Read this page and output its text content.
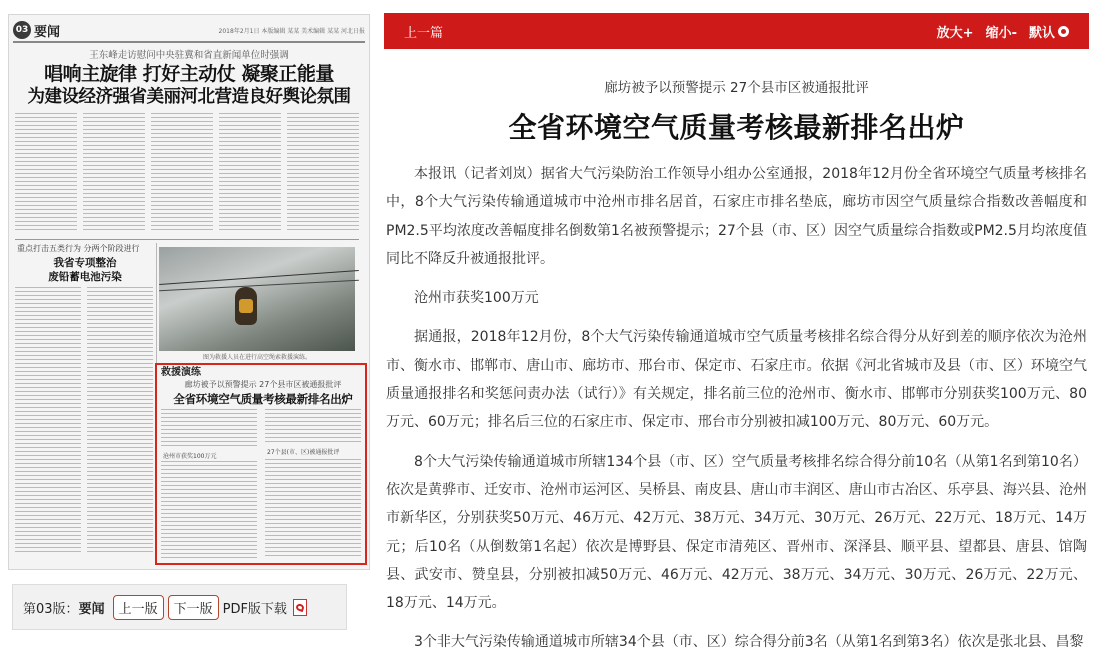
03 要闻	2018年2月1日 本版编辑 某某 美术编辑 某某 河北日报
王东峰走访慰问中央驻冀和省直新闻单位时强调
唱响主旋律 打好主动仗 凝聚正能量
为建设经济强省美丽河北营造良好舆论氛围
重点打击五类行为 分两个阶段进行
我省专项整治
废铅蓄电池污染
图为救援人员在进行高空绳索救援演练。
救援演练
廊坊被予以预警提示 27个县市区被通报批评
全省环境空气质量考核最新排名出炉
沧州市获奖100万元
27个县(市、区)被通报批评
第03版 ： 要闻	上一版	下一版 PDF版下载
上一篇	放大+ 缩小- 默认
廊坊被予以预警提示 27个县市区被通报批评
全省环境空气质量考核最新排名出炉

本报讯（记者刘岚）据省大气污染防治工作领导小组办公室通报，2018年12月份全省环境空气质量考核排名中，8个大气污染传输通道城市中沧州市排名居首，石家庄市排名垫底，廊坊市因空气质量综合指数改善幅度和PM2.5平均浓度改善幅度排名倒数第1名被预警提示；27个县（市、区）因空气质量综合指数或PM2.5月均浓度值同比不降反升被通报批评。

沧州市获奖100万元

据通报，2018年12月份，8个大气污染传输通道城市空气质量考核排名综合得分从好到差的顺序依次为沧州市、衡水市、邯郸市、唐山市、廊坊市、邢台市、保定市、石家庄市。依据《河北省城市及县（市、区）环境空气质量通报排名和奖惩问责办法（试行）》有关规定，排名前三位的沧州市、衡水市、邯郸市分别获奖100万元、80万元、60万元；排名后三位的石家庄市、保定市、邢台市分别被扣减100万元、80万元、60万元。

8个大气污染传输通道城市所辖134个县（市、区）空气质量考核排名综合得分前10名（从第1名到第10名）依次是黄骅市、迁安市、沧州市运河区、吴桥县、南皮县、唐山市丰润区、唐山市古冶区、乐亭县、海兴县、沧州市新华区，分别获奖50万元、46万元、42万元、38万元、34万元、30万元、26万元、22万元、18万元、14万元；后10名（从倒数第1名起）依次是博野县、保定市清苑区、晋州市、深泽县、顺平县、望都县、唐县、馆陶县、武安市、赞皇县，分别被扣减50万元、46万元、42万元、38万元、34万元、30万元、26万元、22万元、18万元、14万元。

3个非大气污染传输通道城市所辖34个县（市、区）综合得分前3名（从第1名到第3名）依次是张北县、昌黎
